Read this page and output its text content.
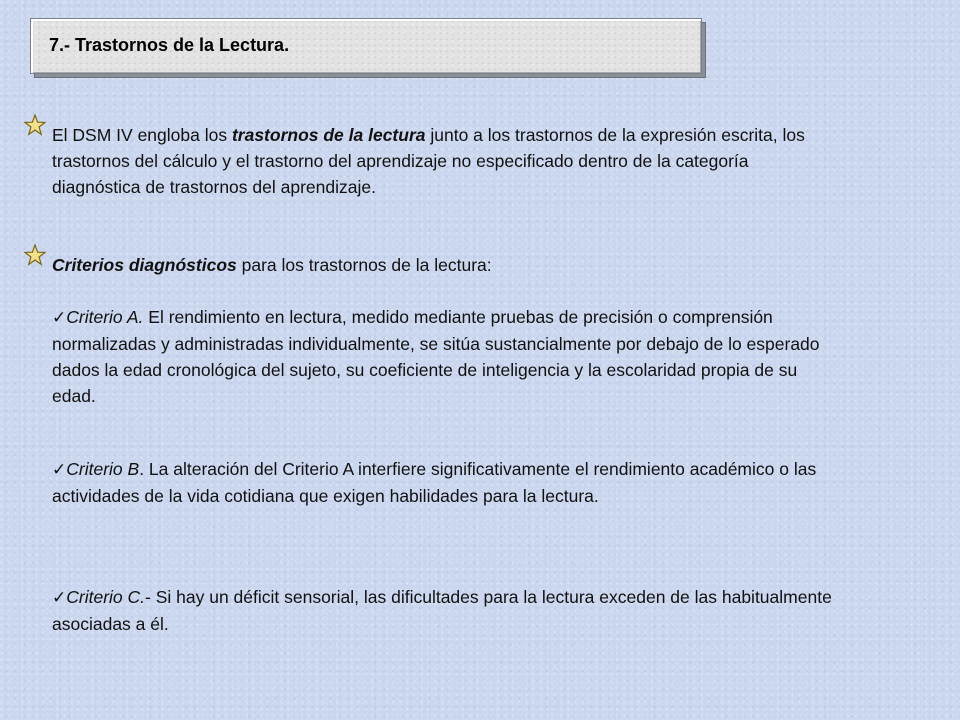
7.- Trastornos de la Lectura.

El DSM IV engloba los trastornos de la lectura junto a los trastornos de la expresión escrita, los trastornos del cálculo y el trastorno del aprendizaje no especificado dentro de la categoría diagnóstica de trastornos del aprendizaje.

Criterios diagnósticos para los trastornos de la lectura:

✓Criterio A. El rendimiento en lectura, medido mediante pruebas de precisión o comprensión normalizadas y administradas individualmente, se sitúa sustancialmente por debajo de lo esperado dados la edad cronológica del sujeto, su coeficiente de inteligencia y la escolaridad propia de su edad.

✓Criterio B. La alteración del Criterio A interfiere significativamente el rendimiento académico o las actividades de la vida cotidiana que exigen habilidades para la lectura.

✓Criterio C.- Si hay un déficit sensorial, las dificultades para la lectura exceden de las habitualmente asociadas a él.
